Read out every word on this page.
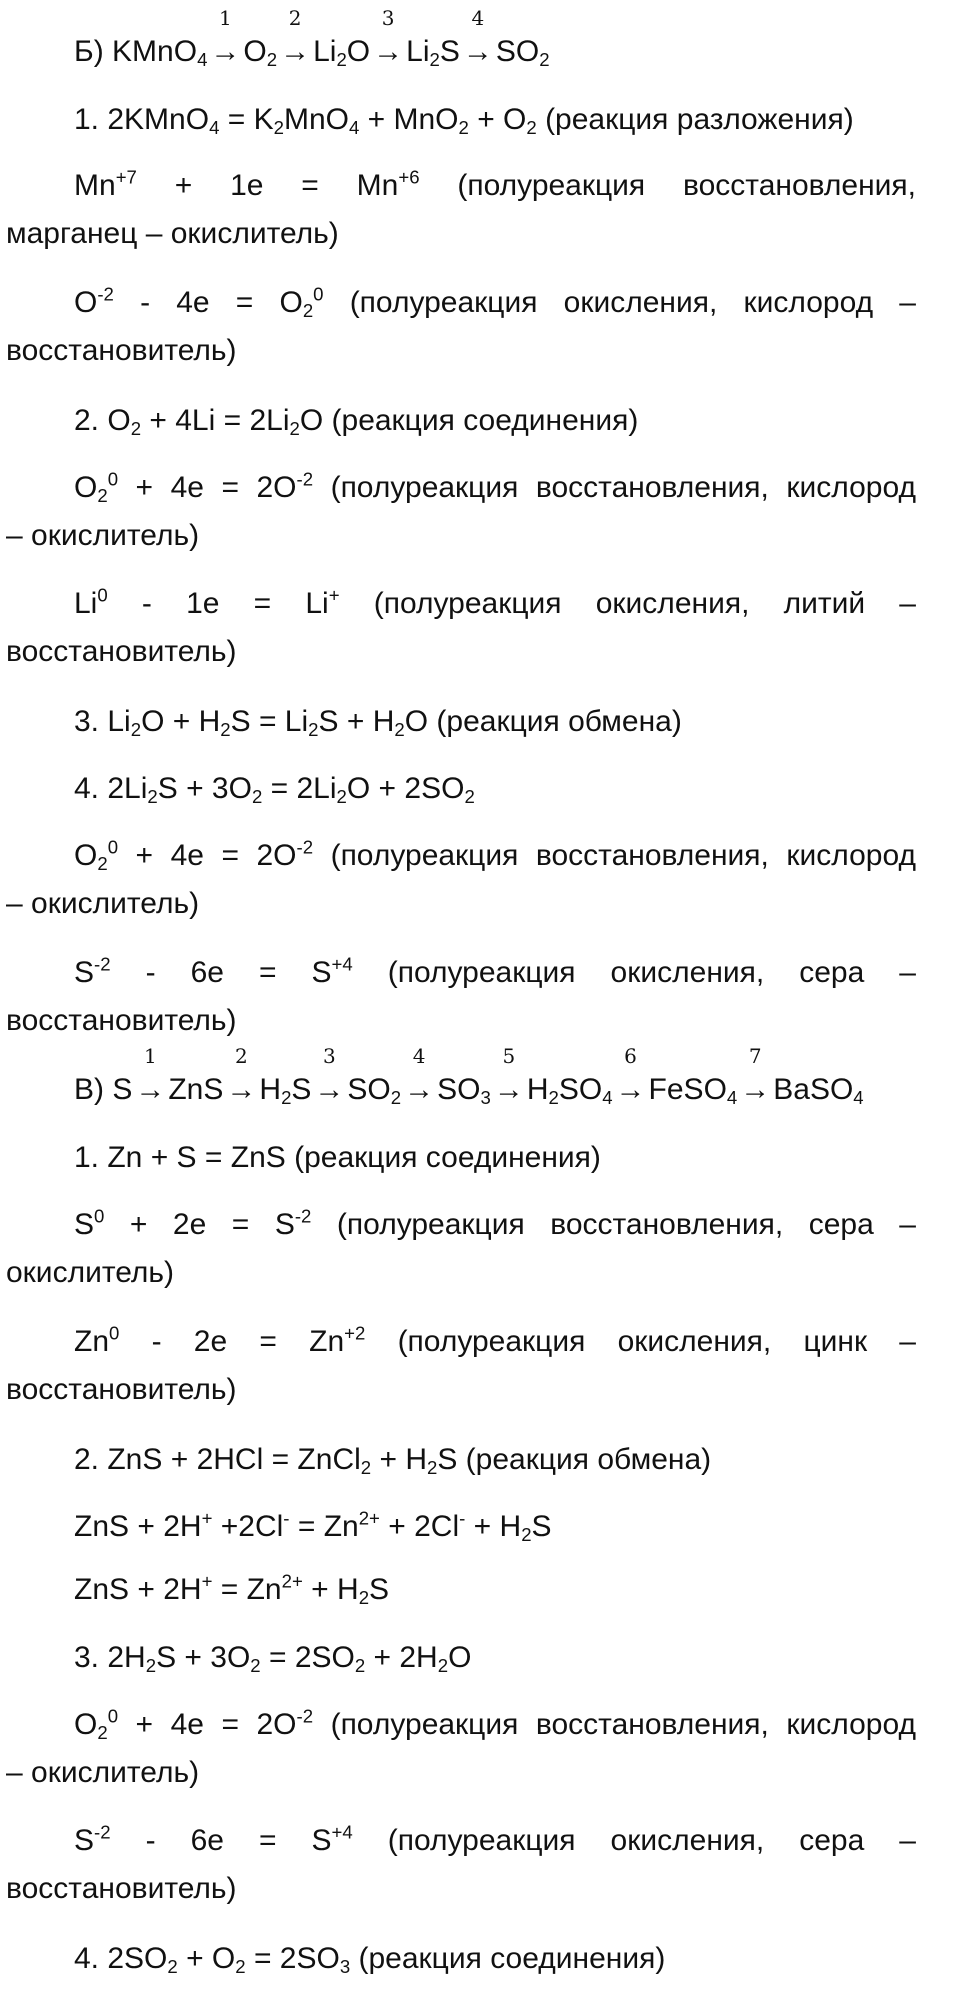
Б) KMnO$_4$
1
→ $O_2$
2
→ $Li_2O$
3
→ $Li_2S$
4
→ $SO_2$
В) S
1
→ ZnS
2
→ $H_2S$
3
→ $SO_2$
4
→ $SO_3$
5
→ $H_2SO_4$
6
→ FeSO$_4$
7
→ BaSO$_4$
1. 2KMnO$_4$ = $K_2MnO_4 + MnO_2 + O_2$ (реакция разложения)
$Mn^{+7} + 1e = Mn^{+6}$ (полуреакция восстановления,
марганец – окислитель)
$O^{-2} - 4e = O_2^0$ (полуреакция окисления, кислород –
восстановитель)
2. $O_2 + 4Li = 2Li_2O$ (реакция соединения)
$O_2^0 + 4e = 2O^{-2}$ (полуреакция восстановления, кислород
– окислитель)
Li$^0$ - 1e = Li+ (полуреакция окисления, литий –
восстановитель)
3. $Li_2O + H_2S = Li_2S + H_2O$ (реакция обмена)
4. $2Li_2S + 3O_2 = 2Li_2O + 2SO_2$
$O_2^0 + 4e = 2O^{-2}$ (полуреакция восстановления, кислород
– окислитель)
$S^{-2} - 6e = S^{+4}$ (полуреакция окисления, сера –
восстановитель)
1. Zn + S = ZnS (реакция соединения)
$S^0 + 2e = S^{-2}$ (полуреакция восстановления, сера –
окислитель)
$Zn^0 - 2e = Zn^{+2}$ (полуреакция окисления, цинк –
восстановитель)
2. ZnS + 2HCl = ZnCl$_2$ + $H_2S$ (реакция обмена)
ZnS + $2H^+ +2Cl^- = Zn^{2+} + 2Cl^- + H_2S$
ZnS + $2H^+ = Zn^{2+} + H_2S$
3. $2H_2S + 3O_2 = 2SO_2 + 2H_2O$
$O_2^0 + 4e = 2O^{-2}$ (полуреакция восстановления, кислород
– окислитель)
$S^{-2} - 6e = S^{+4}$ (полуреакция окисления, сера –
восстановитель)
4. $2SO_2 + O_2 = 2SO_3$ (реакция соединения)
